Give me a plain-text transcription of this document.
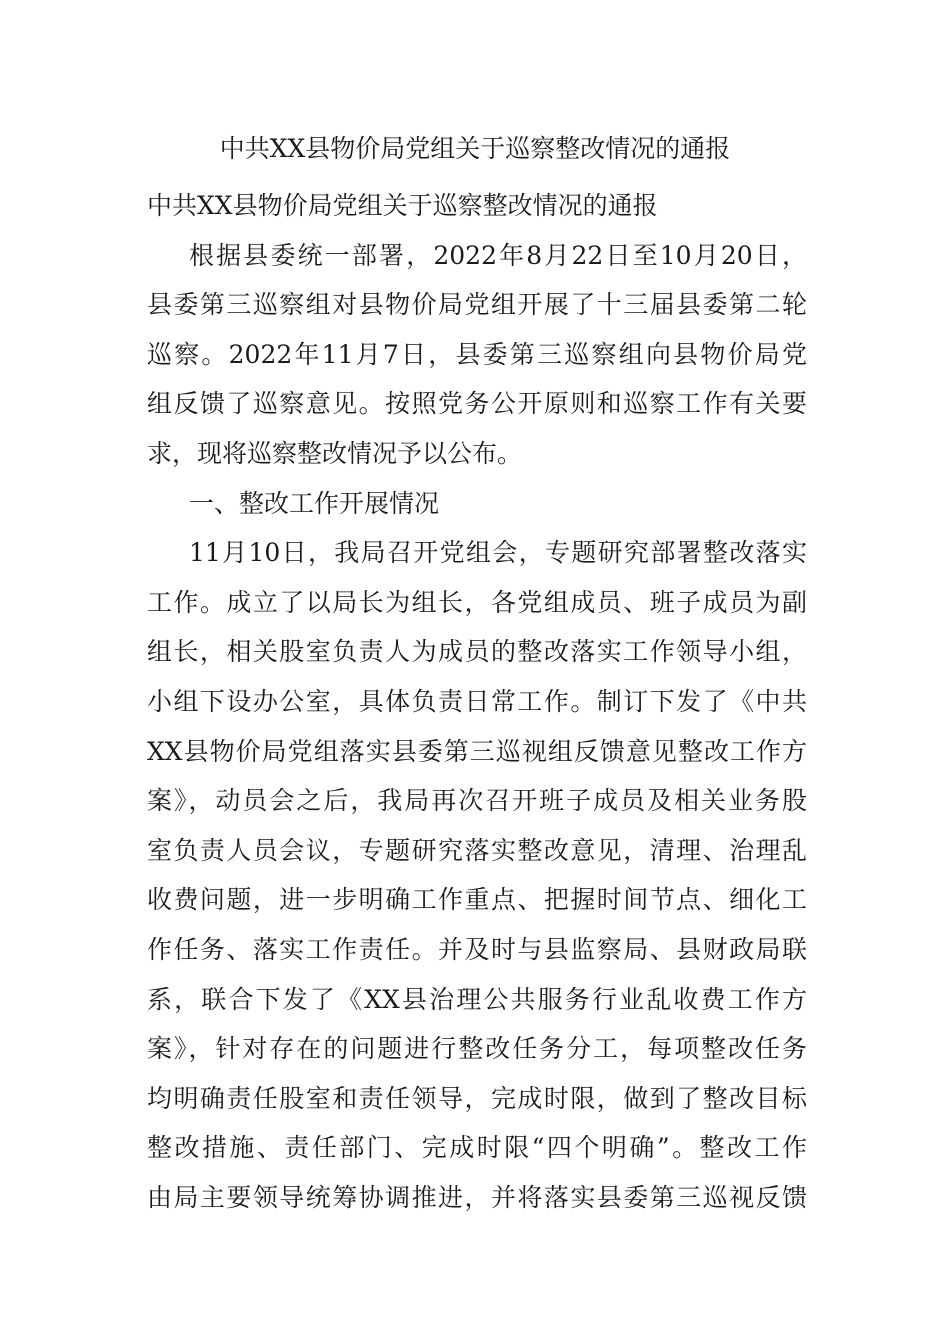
中共XX县物价局党组关于巡察整改情况的通报
中共XX县物价局党组关于巡察整改情况的通报
根据县委统一部署，2022年8月22日至10月20日，
县委第三巡察组对县物价局党组开展了十三届县委第二轮
巡察。2022年11月7日，县委第三巡察组向县物价局党
组反馈了巡察意见。按照党务公开原则和巡察工作有关要
求，现将巡察整改情况予以公布。
一、整改工作开展情况
11月10日，我局召开党组会，专题研究部署整改落实
工作。成立了以局长为组长，各党组成员、班子成员为副
组长，相关股室负责人为成员的整改落实工作领导小组，
小组下设办公室，具体负责日常工作。制订下发了《中共
XX县物价局党组落实县委第三巡视组反馈意见整改工作方
案》，动员会之后，我局再次召开班子成员及相关业务股
室负责人员会议，专题研究落实整改意见，清理、治理乱
收费问题，进一步明确工作重点、把握时间节点、细化工
作任务、落实工作责任。并及时与县监察局、县财政局联
系，联合下发了《XX县治理公共服务行业乱收费工作方
案》，针对存在的问题进行整改任务分工，每项整改任务
均明确责任股室和责任领导，完成时限，做到了整改目标
整改措施、责任部门、完成时限“四个明确”。整改工作
由局主要领导统筹协调推进，并将落实县委第三巡视反馈
